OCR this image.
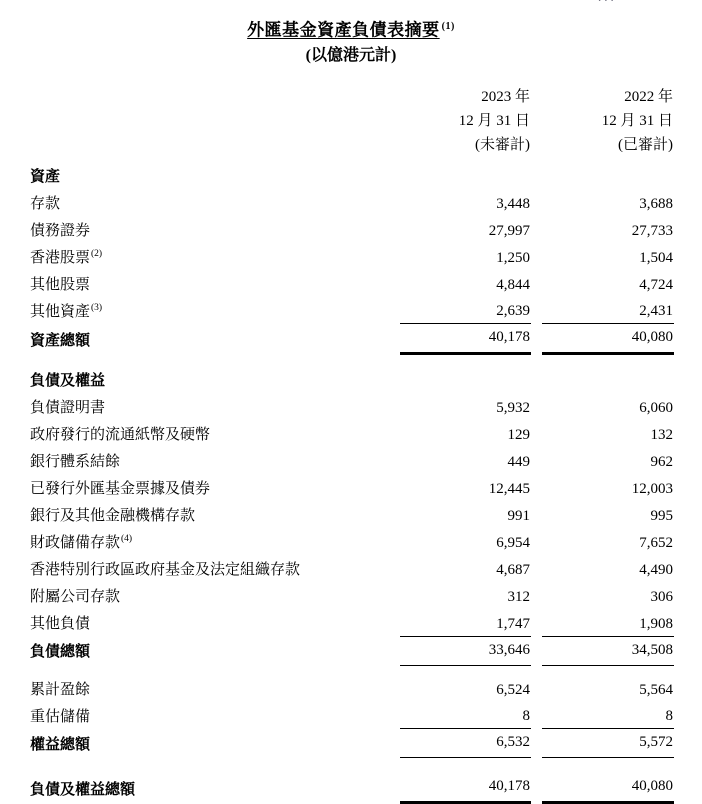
外匯基金資產負債表摘要 $^{(1)}$
(以億港元計)
		2023 年		2022 年	
		12 月 31 日		12 月 31 日	
		(未審計)		(已審計)	

資產					
存款		3,448		3,688	
債務證券		27,997		27,733	
香港股票$^{(2)}$		1,250		1,504	
其他股票		4,844		4,724	
其他資產$^{(3)}$		2,639		2,431	
資產總額		40,178		40,080	

負債及權益					
負債證明書		5,932		6,060	
政府發行的流通紙幣及硬幣		129		132	
銀行體系結餘		449		962	
已發行外匯基金票據及債券		12,445		12,003	
銀行及其他金融機構存款		991		995	
財政儲備存款$^{(4)}$		6,954		7,652	
香港特別行政區政府基金及法定組織存款		4,687		4,490	
附屬公司存款		312		306	
其他負債		1,747		1,908	
負債總額		33,646		34,508	

累計盈餘		6,524		5,564	
重估儲備		8		8	
權益總額		6,532		5,572	

負債及權益總額		40,178		40,080	
